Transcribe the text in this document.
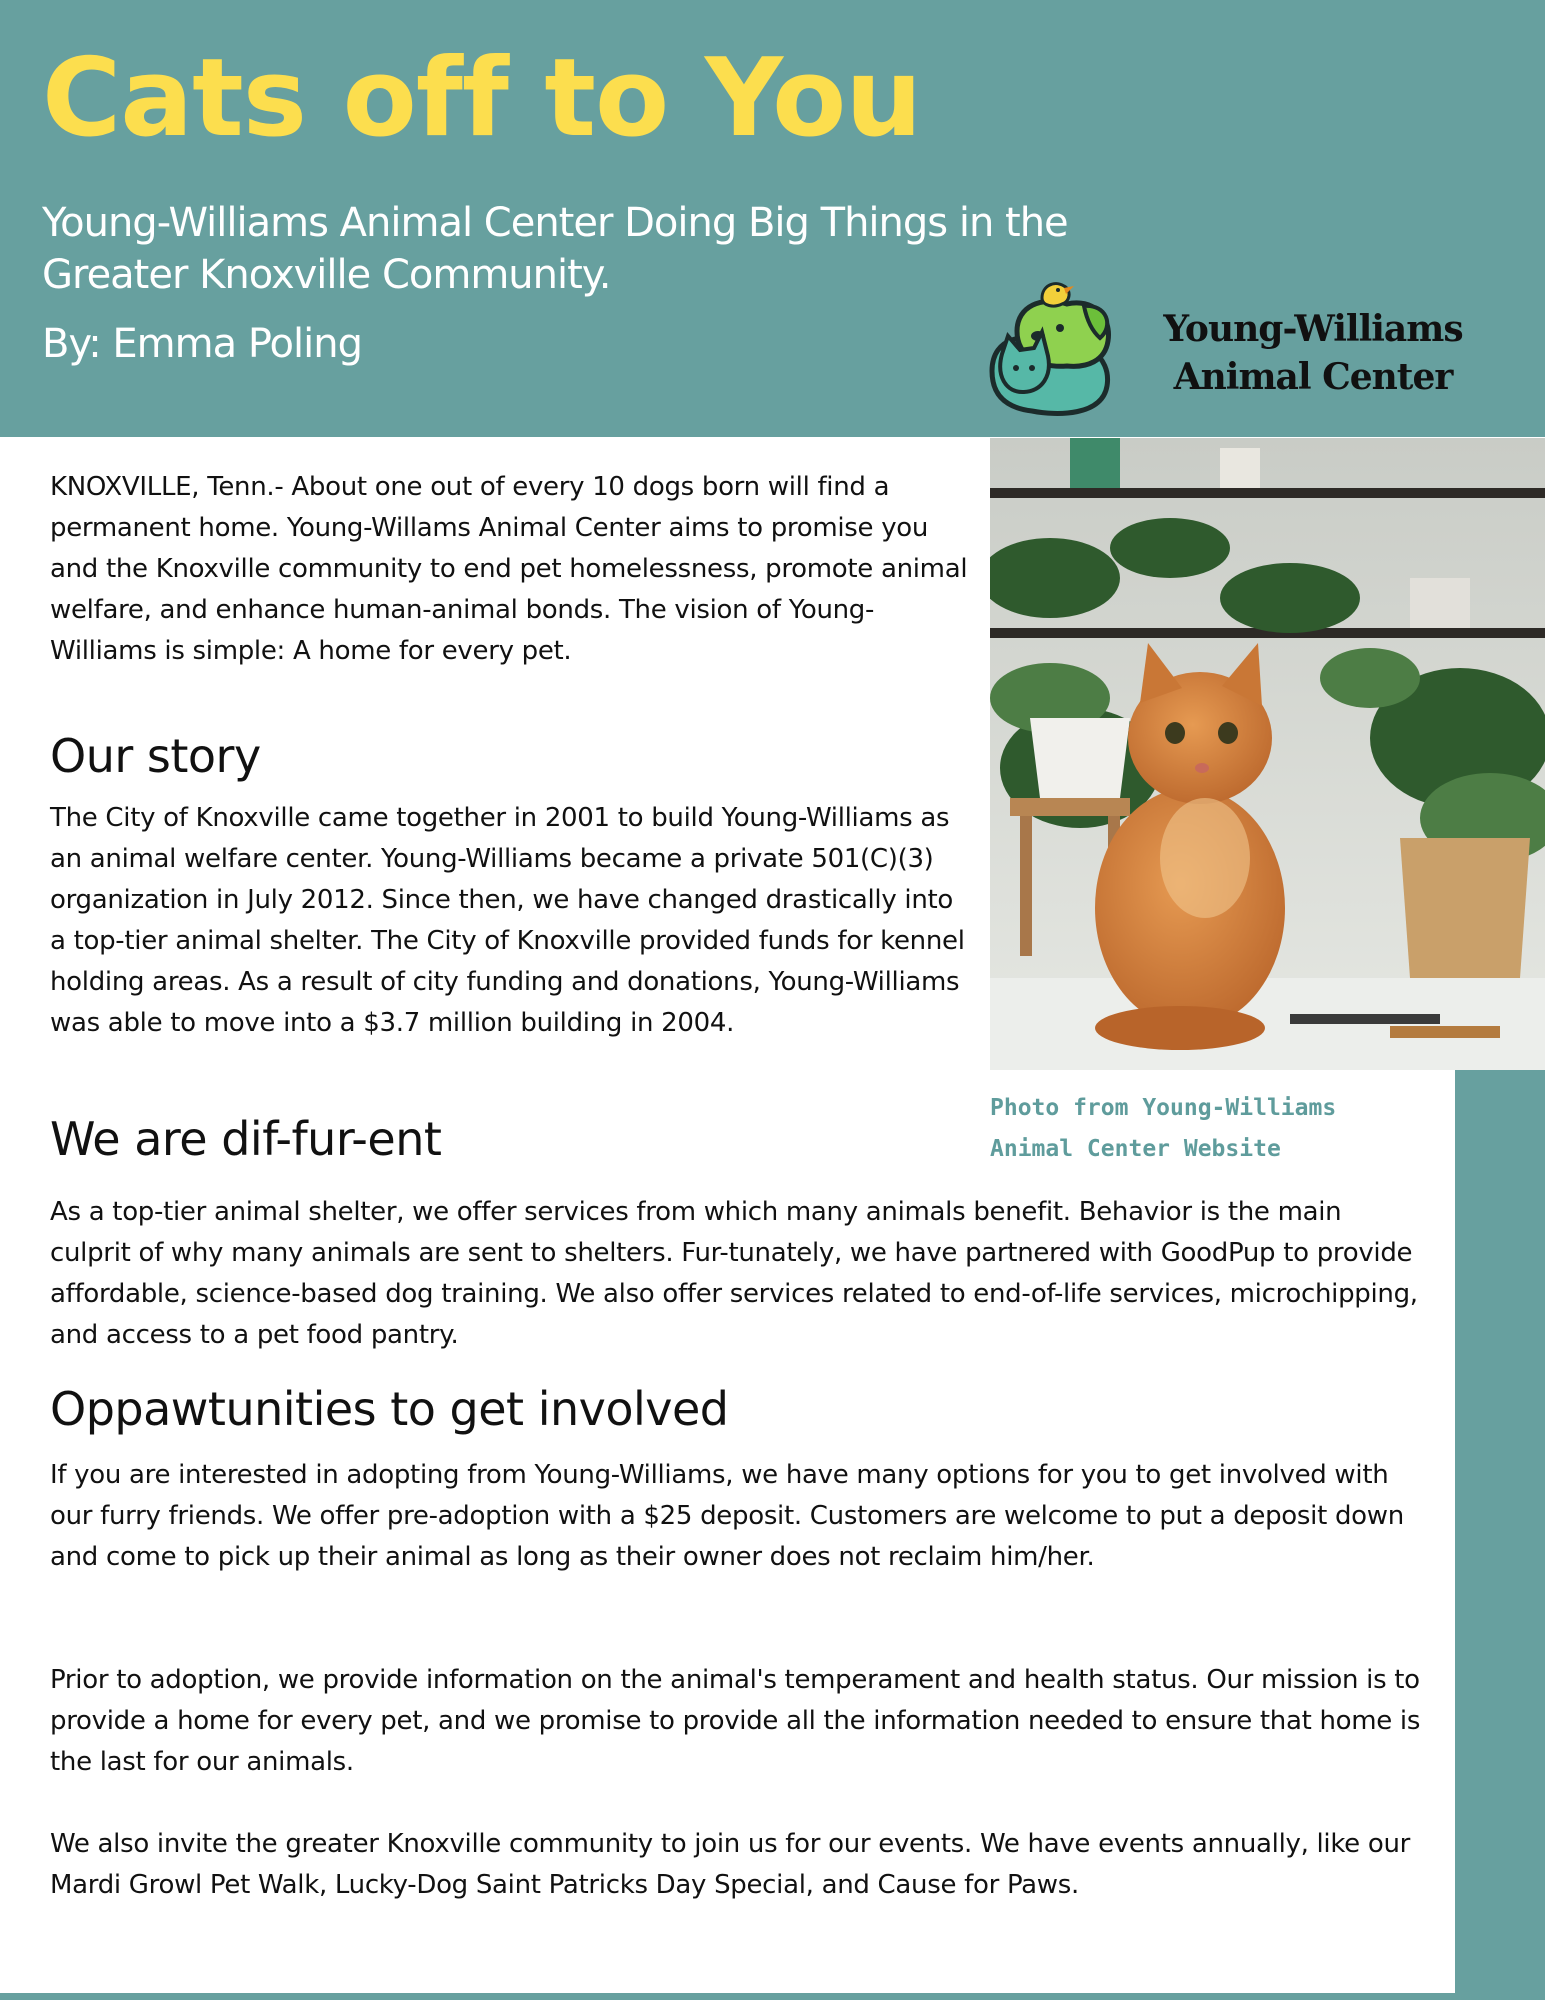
Cats off to You

Young-Williams Animal Center Doing Big Things in the Greater Knoxville Community.

By: Emma Poling	Young-Williams
Animal Center

Photo from Young-Williams Animal Center Website

KNOXVILLE, Tenn.- About one out of every 10 dogs born will find a permanent home. Young-Willams Animal Center aims to promise you and the Knoxville community to end pet homelessness, promote animal welfare, and enhance human-animal bonds. The vision of Young-Williams is simple: A home for every pet.

Our story

The City of Knoxville came together in 2001 to build Young-Williams as an animal welfare center. Young-Williams became a private 501(C)(3) organization in July 2012. Since then, we have changed drastically into a top-tier animal shelter. The City of Knoxville provided funds for kennel holding areas. As a result of city funding and donations, Young-Williams was able to move into a $3.7 million building in 2004.

We are dif-fur-ent

As a top-tier animal shelter, we offer services from which many animals benefit. Behavior is the main culprit of why many animals are sent to shelters. Fur-tunately, we have partnered with GoodPup to provide affordable, science-based dog training. We also offer services related to end-of-life services, microchipping, and access to a pet food pantry.

Oppawtunities to get involved

If you are interested in adopting from Young-Williams, we have many options for you to get involved with our furry friends. We offer pre-adoption with a $25 deposit. Customers are welcome to put a deposit down and come to pick up their animal as long as their owner does not reclaim him/her.

Prior to adoption, we provide information on the animal's temperament and health status. Our mission is to provide a home for every pet, and we promise to provide all the information needed to ensure that home is the last for our animals.

We also invite the greater Knoxville community to join us for our events. We have events annually, like our Mardi Growl Pet Walk, Lucky-Dog Saint Patricks Day Special, and Cause for Paws.
